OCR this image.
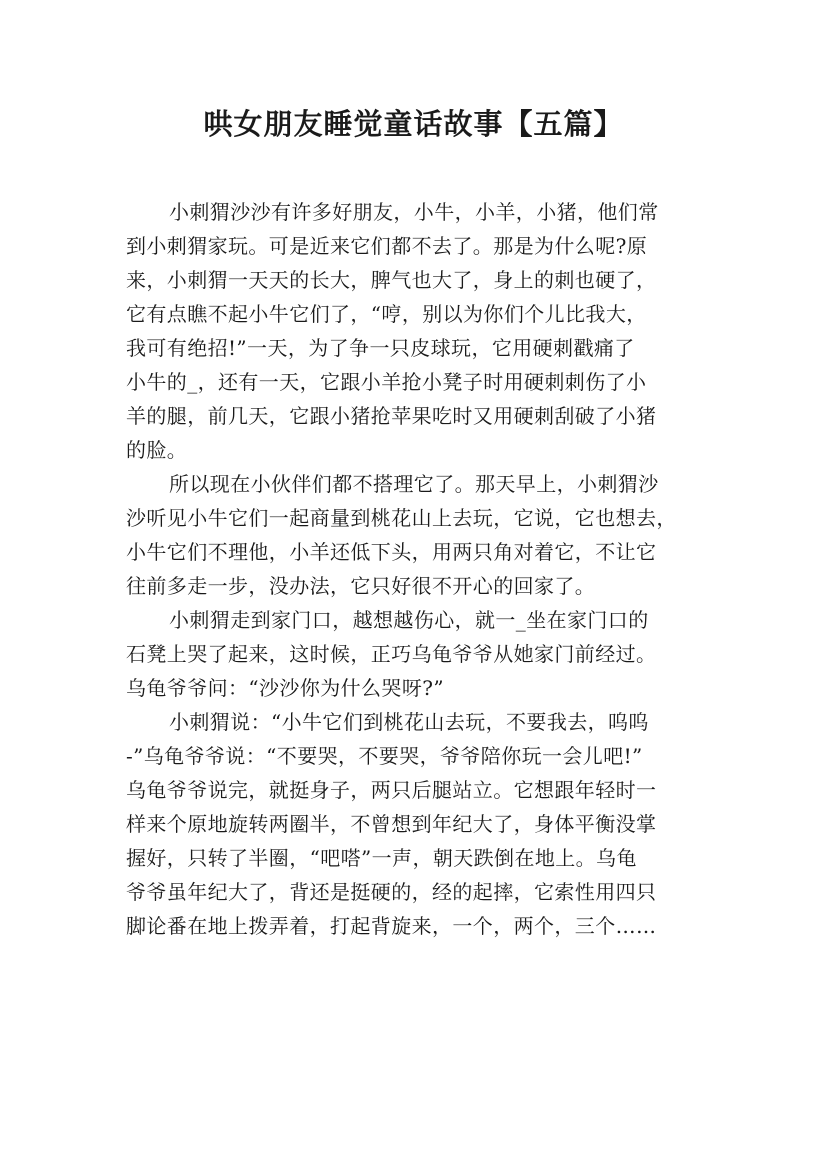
哄女朋友睡觉童话故事【五篇】
小刺猬沙沙有许多好朋友，小牛，小羊，小猪，他们常
到小刺猬家玩。可是近来它们都不去了。那是为什么呢?原
来，小刺猬一天天的长大，脾气也大了，身上的刺也硬了，
它有点瞧不起小牛它们了，“哼，别以为你们个儿比我大，
我可有绝招!”一天，为了争一只皮球玩，它用硬刺戳痛了
小牛的_，还有一天，它跟小羊抢小凳子时用硬刺刺伤了小
羊的腿，前几天，它跟小猪抢苹果吃时又用硬刺刮破了小猪
的脸。
所以现在小伙伴们都不搭理它了。那天早上，小刺猬沙
沙听见小牛它们一起商量到桃花山上去玩，它说，它也想去，
小牛它们不理他，小羊还低下头，用两只角对着它，不让它
往前多走一步，没办法，它只好很不开心的回家了。
小刺猬走到家门口，越想越伤心，就一_坐在家门口的
石凳上哭了起来，这时候，正巧乌龟爷爷从她家门前经过。
乌龟爷爷问：“沙沙你为什么哭呀?”
小刺猬说：“小牛它们到桃花山去玩，不要我去，呜呜
-”乌龟爷爷说：“不要哭，不要哭，爷爷陪你玩一会儿吧!”
乌龟爷爷说完，就挺身子，两只后腿站立。它想跟年轻时一
样来个原地旋转两圈半，不曾想到年纪大了，身体平衡没掌
握好，只转了半圈，“吧嗒”一声，朝天跌倒在地上。乌龟
爷爷虽年纪大了，背还是挺硬的，经的起摔，它索性用四只
脚论番在地上拨弄着，打起背旋来，一个，两个，三个……
